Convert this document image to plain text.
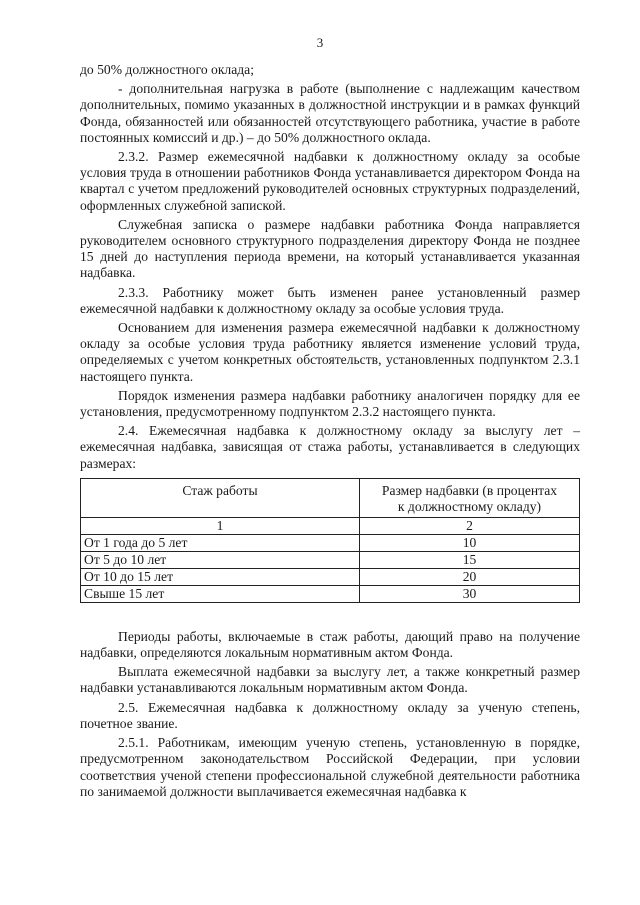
3

до 50% должностного оклада;

- дополнительная нагрузка в работе (выполнение с надлежащим качеством дополнительных, помимо указанных в должностной инструкции и в рамках функций Фонда, обязанностей или обязанностей отсутствующего работника, участие в работе постоянных комиссий и др.) – до 50% должностного оклада.

2.3.2. Размер ежемесячной надбавки к должностному окладу за особые условия труда в отношении работников Фонда устанавливается директором Фонда на квартал с учетом предложений руководителей основных структурных подразделений, оформленных служебной запиской.

Служебная записка о размере надбавки работника Фонда направляется руководителем основного структурного подразделения директору Фонда не позднее 15 дней до наступления периода времени, на который устанавливается указанная надбавка.

2.3.3. Работнику может быть изменен ранее установленный размер ежемесячной надбавки к должностному окладу за особые условия труда.

Основанием для изменения размера ежемесячной надбавки к должностному окладу за особые условия труда работнику является изменение условий труда, определяемых с учетом конкретных обстоятельств, установленных подпунктом 2.3.1 настоящего пункта.

Порядок изменения размера надбавки работнику аналогичен порядку для ее установления, предусмотренному подпунктом 2.3.2 настоящего пункта.

2.4. Ежемесячная надбавка к должностному окладу за выслугу лет – ежемесячная надбавка, зависящая от стажа работы, устанавливается в следующих размерах:

Стаж работы	Размер надбавки (в процентах
к должностному окладу)
1	2
От 1 года до 5 лет	10
От 5 до 10 лет	15
От 10 до 15 лет	20
Свыше 15 лет	30

Периоды работы, включаемые в стаж работы, дающий право на получение надбавки, определяются локальным нормативным актом Фонда.

Выплата ежемесячной надбавки за выслугу лет, а также конкретный размер надбавки устанавливаются локальным нормативным актом Фонда.

2.5. Ежемесячная надбавка к должностному окладу за ученую степень, почетное звание.

2.5.1. Работникам, имеющим ученую степень, установленную в порядке, предусмотренном законодательством Российской Федерации, при условии соответствия ученой степени профессиональной служебной деятельности работника по занимаемой должности выплачивается ежемесячная надбавка к
